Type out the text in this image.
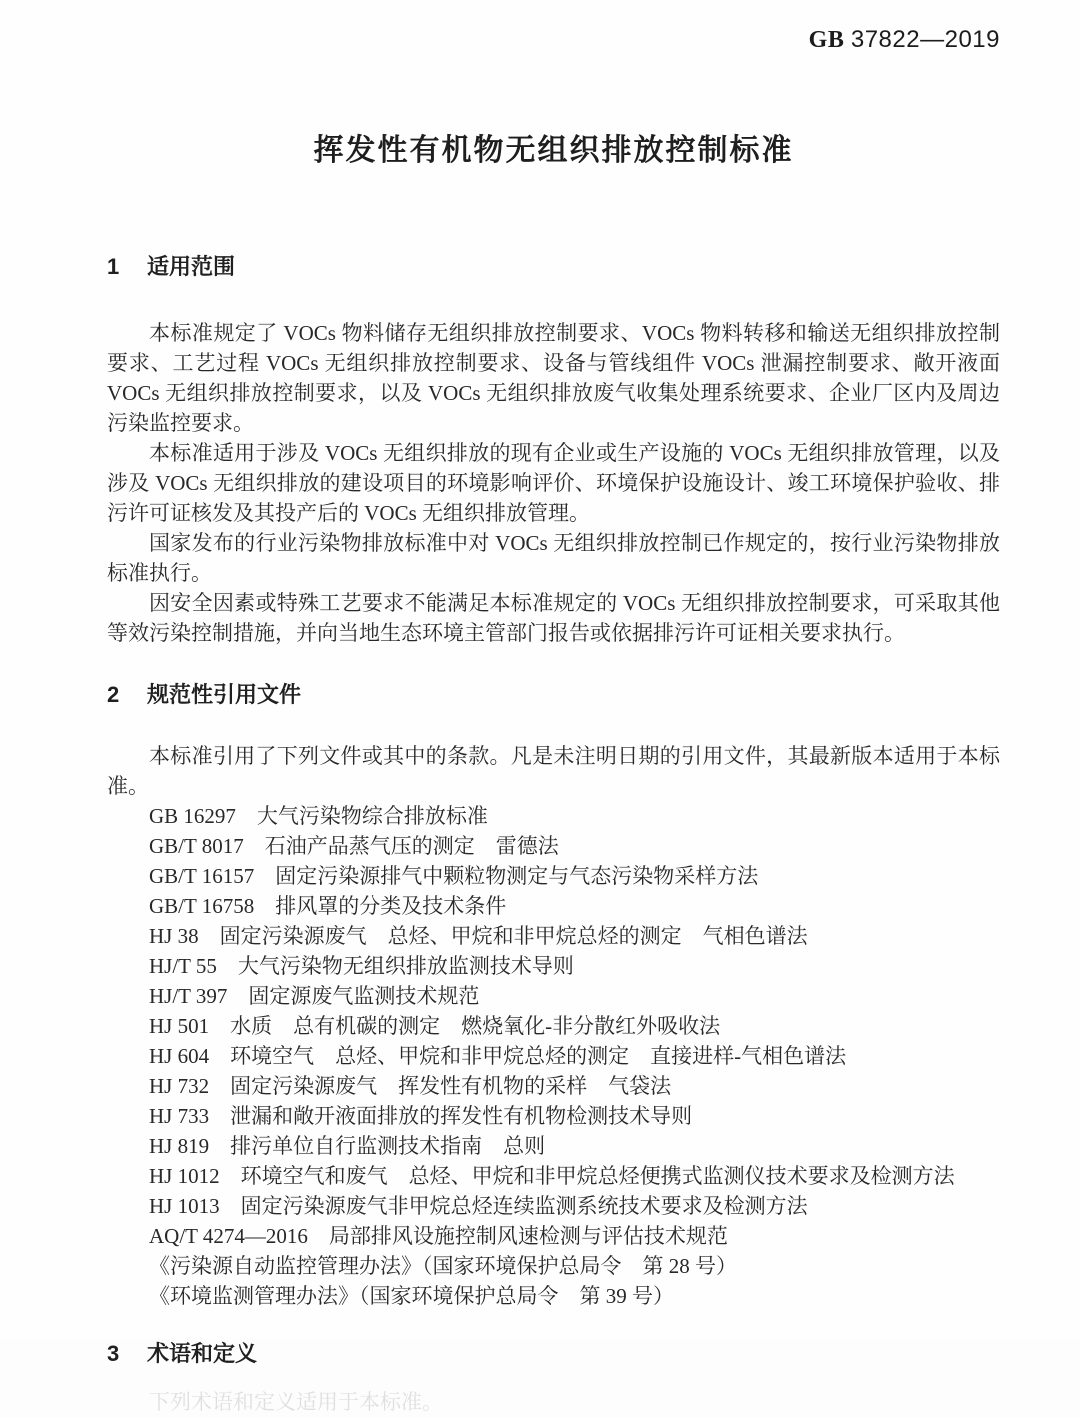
GB 37822—2019
挥发性有机物无组织排放控制标准
1 适用范围

本标准规定了 VOCs 物料储存无组织排放控制要求、VOCs 物料转移和输送无组织排放控制要求、工艺过程 VOCs 无组织排放控制要求、设备与管线组件 VOCs 泄漏控制要求、敞开液面 VOCs 无组织排放控制要求，以及 VOCs 无组织排放废气收集处理系统要求、企业厂区内及周边污染监控要求。

本标准适用于涉及 VOCs 无组织排放的现有企业或生产设施的 VOCs 无组织排放管理，以及涉及 VOCs 无组织排放的建设项目的环境影响评价、环境保护设施设计、竣工环境保护验收、排污许可证核发及其投产后的 VOCs 无组织排放管理。

国家发布的行业污染物排放标准中对 VOCs 无组织排放控制已作规定的，按行业污染物排放标准执行。

因安全因素或特殊工艺要求不能满足本标准规定的 VOCs 无组织排放控制要求，可采取其他等效污染控制措施，并向当地生态环境主管部门报告或依据排污许可证相关要求执行。

2 规范性引用文件

本标准引用了下列文件或其中的条款。凡是未注明日期的引用文件，其最新版本适用于本标准。

GB 16297　大气污染物综合排放标准

GB/T 8017　石油产品蒸气压的测定　雷德法

GB/T 16157　固定污染源排气中颗粒物测定与气态污染物采样方法

GB/T 16758　排风罩的分类及技术条件

HJ 38　固定污染源废气　总烃、甲烷和非甲烷总烃的测定　气相色谱法

HJ/T 55　大气污染物无组织排放监测技术导则

HJ/T 397　固定源废气监测技术规范

HJ 501　水质　总有机碳的测定　燃烧氧化-非分散红外吸收法

HJ 604　环境空气　总烃、甲烷和非甲烷总烃的测定　直接进样-气相色谱法

HJ 732　固定污染源废气　挥发性有机物的采样　气袋法

HJ 733　泄漏和敞开液面排放的挥发性有机物检测技术导则

HJ 819　排污单位自行监测技术指南　总则

HJ 1012　环境空气和废气　总烃、甲烷和非甲烷总烃便携式监测仪技术要求及检测方法

HJ 1013　固定污染源废气非甲烷总烃连续监测系统技术要求及检测方法

AQ/T 4274—2016　局部排风设施控制风速检测与评估技术规范

《污染源自动监控管理办法》（国家环境保护总局令　第 28 号）

《环境监测管理办法》（国家环境保护总局令　第 39 号）

3 术语和定义

下列术语和定义适用于本标准。
